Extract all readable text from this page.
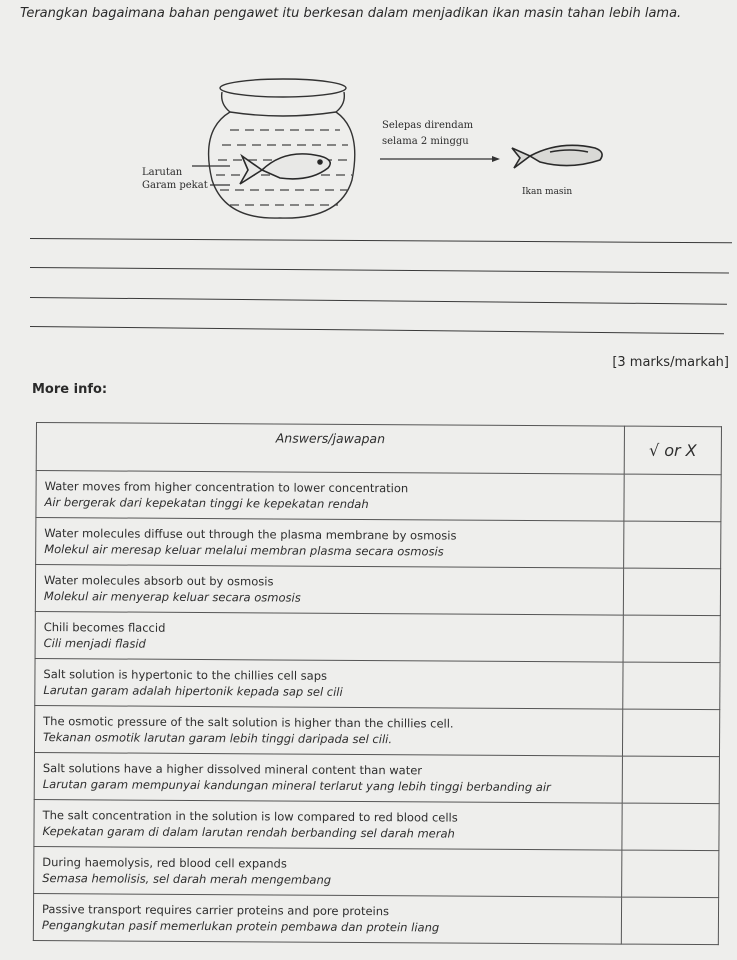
Terangkan bagaimana bahan pengawet itu berkesan dalam menjadikan ikan masin tahan lebih lama.
Larutan
Garam pekat
Selepas direndam
selama 2 minggu
Ikan masin
[3 marks/markah]
More info:
Answers/jawapan	√ or X

Water moves from higher concentration to lower concentration
Air bergerak dari kepekatan tinggi ke kepekatan rendah	

Water molecules diffuse out through the plasma membrane by osmosis
Molekul air meresap keluar melalui membran plasma secara osmosis	

Water molecules absorb out by osmosis
Molekul air menyerap keluar secara osmosis	

Chili becomes flaccid
Cili menjadi flasid	

Salt solution is hypertonic to the chillies cell saps
Larutan garam adalah hipertonik kepada sap sel cili	

The osmotic pressure of the salt solution is higher than the chillies cell.
Tekanan osmotik larutan garam lebih tinggi daripada sel cili.	

Salt solutions have a higher dissolved mineral content than water
Larutan garam mempunyai kandungan mineral terlarut yang lebih tinggi berbanding air	

The salt concentration in the solution is low compared to red blood cells
Kepekatan garam di dalam larutan rendah berbanding sel darah merah	

During haemolysis, red blood cell expands
Semasa hemolisis, sel darah merah mengembang	

Passive transport requires carrier proteins and pore proteins
Pengangkutan pasif memerlukan protein pembawa dan protein liang	
